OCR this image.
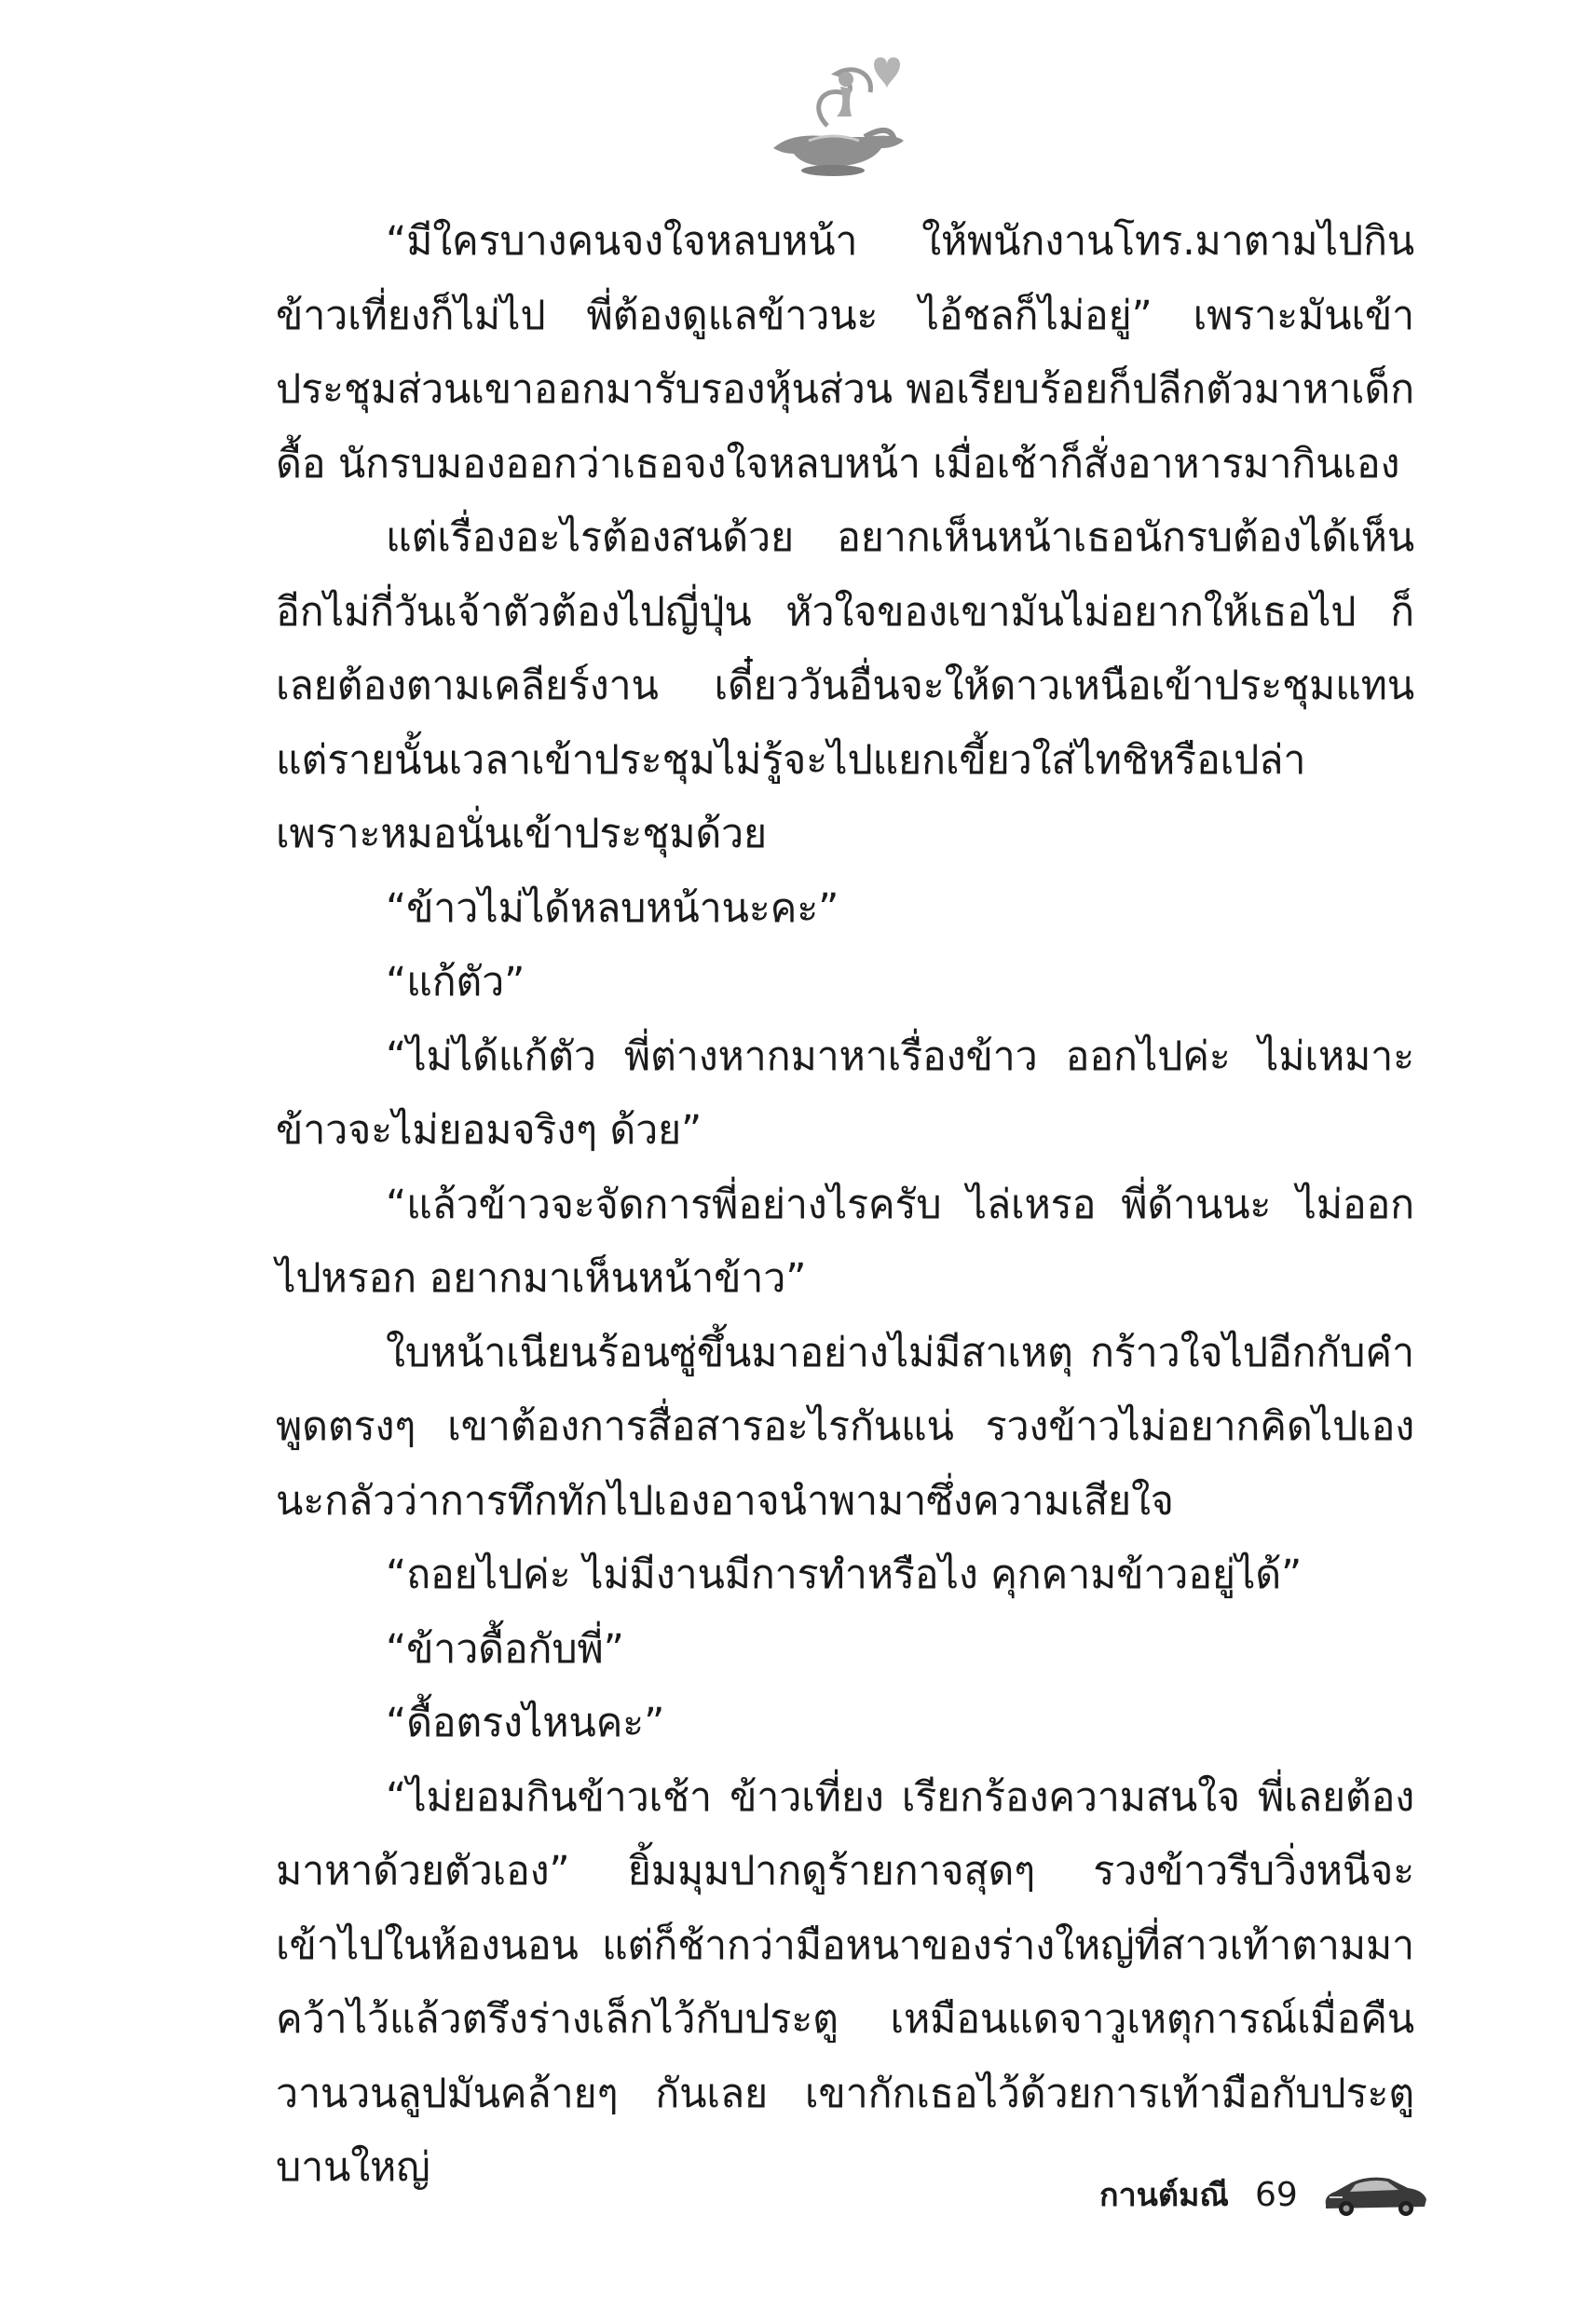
“มีใครบางคนจงใจหลบหน้า ให้พนักงานโทร.มาตามไปกินข้าวเที่ยงก็ไม่ไป พี่ต้องดูแลข้าวนะ ไอ้ชลก็ไม่อยู่” เพราะมันเข้าประชุมส่วนเขาออกมารับรองหุ้นส่วน พอเรียบร้อยก็ปลีกตัวมาหาเด็กดื้อ นักรบมองออกว่าเธอจงใจหลบหน้า เมื่อเช้าก็สั่งอาหารมากินเอง

แต่เรื่องอะไรต้องสนด้วย อยากเห็นหน้าเธอนักรบต้องได้เห็นอีกไม่กี่วันเจ้าตัวต้องไปญี่ปุ่น หัวใจของเขามันไม่อยากให้เธอไป ก็เลยต้องตามเคลียร์งาน เดี๋ยววันอื่นจะให้ดาวเหนือเข้าประชุมแทน แต่รายนั้นเวลาเข้าประชุมไม่รู้จะไปแยกเขี้ยวใส่ไทชิหรือเปล่า เพราะหมอนั่นเข้าประชุมด้วย

“ข้าวไม่ได้หลบหน้านะคะ”

“แก้ตัว”

“ไม่ได้แก้ตัว พี่ต่างหากมาหาเรื่องข้าว ออกไปค่ะ ไม่เหมาะ ข้าวจะไม่ยอมจริงๆ ด้วย”

“แล้วข้าวจะจัดการพี่อย่างไรครับ ไล่เหรอ พี่ด้านนะ ไม่ออกไปหรอก อยากมาเห็นหน้าข้าว”

ใบหน้าเนียนร้อนซู่ขึ้นมาอย่างไม่มีสาเหตุ กร้าวใจไปอีกกับคำพูดตรงๆ เขาต้องการสื่อสารอะไรกันแน่ รวงข้าวไม่อยากคิดไปเองนะกลัวว่าการทึกทักไปเองอาจนำพามาซึ่งความเสียใจ

“ถอยไปค่ะ ไม่มีงานมีการทำหรือไง คุกคามข้าวอยู่ได้”

“ข้าวดื้อกับพี่”

“ดื้อตรงไหนคะ”

“ไม่ยอมกินข้าวเช้า ข้าวเที่ยง เรียกร้องความสนใจ พี่เลยต้องมาหาด้วยตัวเอง” ยิ้มมุมปากดูร้ายกาจสุดๆ รวงข้าวรีบวิ่งหนีจะเข้าไปในห้องนอน แต่ก็ช้ากว่ามือหนาของร่างใหญ่ที่สาวเท้าตามมาคว้าไว้แล้วตรึงร่างเล็กไว้กับประตู เหมือนแดจาวูเหตุการณ์เมื่อคืนวานวนลูปมันคล้ายๆ กันเลย เขากักเธอไว้ด้วยการเท้ามือกับประตูบานใหญ่

กานต์มณี 69
